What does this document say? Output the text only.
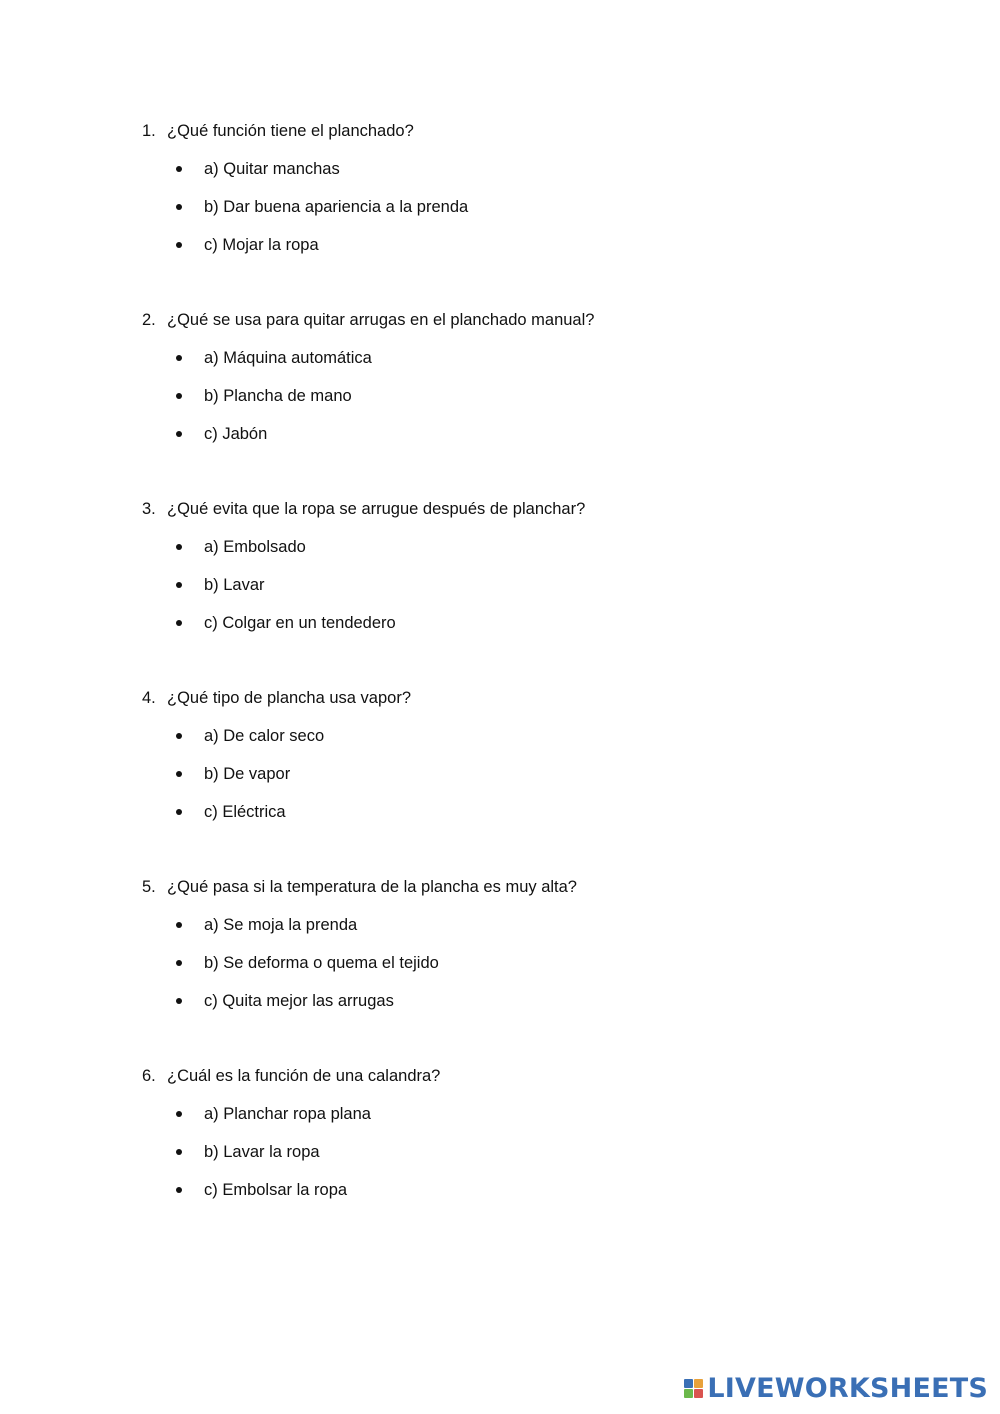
1. ¿Qué función tiene el planchado?
a) Quitar manchas
b) Dar buena apariencia a la prenda
c) Mojar la ropa
2. ¿Qué se usa para quitar arrugas en el planchado manual?
a) Máquina automática
b) Plancha de mano
c) Jabón
3. ¿Qué evita que la ropa se arrugue después de planchar?
a) Embolsado
b) Lavar
c) Colgar en un tendedero
4. ¿Qué tipo de plancha usa vapor?
a) De calor seco
b) De vapor
c) Eléctrica
5. ¿Qué pasa si la temperatura de la plancha es muy alta?
a) Se moja la prenda
b) Se deforma o quema el tejido
c) Quita mejor las arrugas
6. ¿Cuál es la función de una calandra?
a) Planchar ropa plana
b) Lavar la ropa
c) Embolsar la ropa
LIVEWORKSHEETS
